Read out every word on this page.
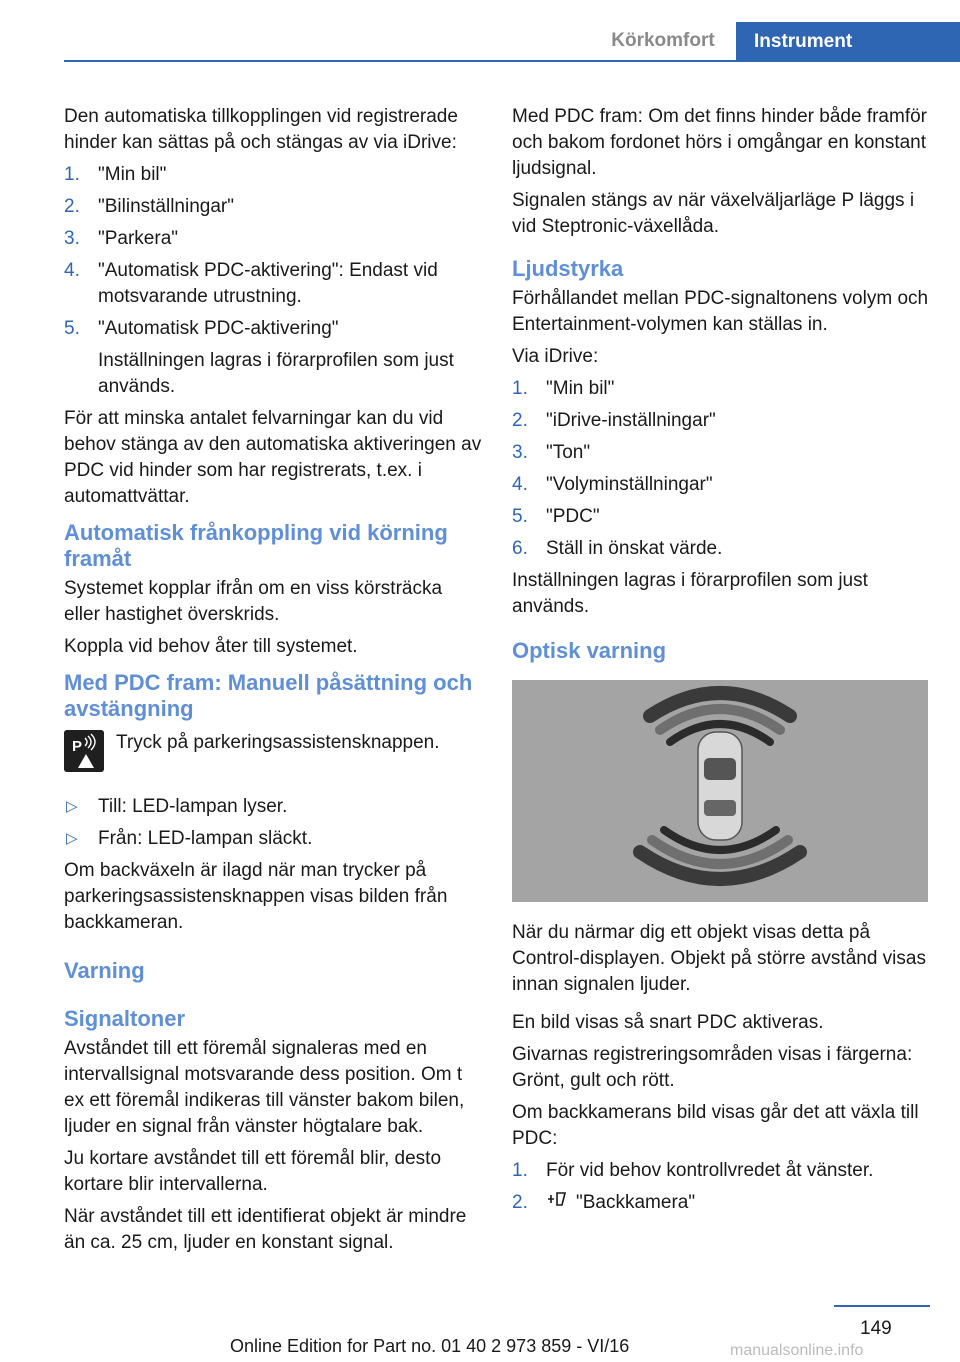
Körkomfort	Instrument

Den automatiska tillkopplingen vid registrerade hinder kan sättas på och stängas av via iDrive:

1. "Min bil"
2. "Bilinställningar"
3. "Parkera"
4. "Automatisk PDC-aktivering": Endast vid motsvarande utrustning.
5. "Automatisk PDC-aktivering"
Inställningen lagras i förarprofilen som just används.

För att minska antalet felvarningar kan du vid behov stänga av den automatiska aktiveringen av PDC vid hinder som har registrerats, t.ex. i automattvättar.

Automatisk frånkoppling vid körning framåt

Systemet kopplar ifrån om en viss körsträcka eller hastighet överskrids.

Koppla vid behov åter till systemet.

Med PDC fram: Manuell påsättning och avstängning
P Tryck på parkeringsassistensknappen.
▷ Till: LED-lampan lyser.
▷ Från: LED-lampan släckt.

Om backväxeln är ilagd när man trycker på parkeringsassistensknappen visas bilden från backkameran.

Varning
Signaltoner

Avståndet till ett föremål signaleras med en intervallsignal motsvarande dess position. Om t ex ett föremål indikeras till vänster bakom bilen, ljuder en signal från vänster högtalare bak.

Ju kortare avståndet till ett föremål blir, desto kortare blir intervallerna.

När avståndet till ett identifierat objekt är mindre än ca. 25 cm, ljuder en konstant signal.

Med PDC fram: Om det finns hinder både framför och bakom fordonet hörs i omgångar en konstant ljudsignal.

Signalen stängs av när växelväljarläge P läggs i vid Steptronic-växellåda.

Ljudstyrka

Förhållandet mellan PDC-signaltonens volym och Entertainment-volymen kan ställas in.

Via iDrive:

1. "Min bil"
2. "iDrive-inställningar"
3. "Ton"
4. "Volyminställningar"
5. "PDC"
6. Ställ in önskat värde.

Inställningen lagras i förarprofilen som just används.

Optisk varning

När du närmar dig ett objekt visas detta på Control-displayen. Objekt på större avstånd visas innan signalen ljuder.

En bild visas så snart PDC aktiveras.

Givarnas registreringsområden visas i färgerna: Grönt, gult och rött.

Om backkamerans bild visas går det att växla till PDC:

1. För vid behov kontrollvredet åt vänster.
2.	"Backkamera"
149
Online Edition for Part no. 01 40 2 973 859 - VI/16	manualsonline.info
